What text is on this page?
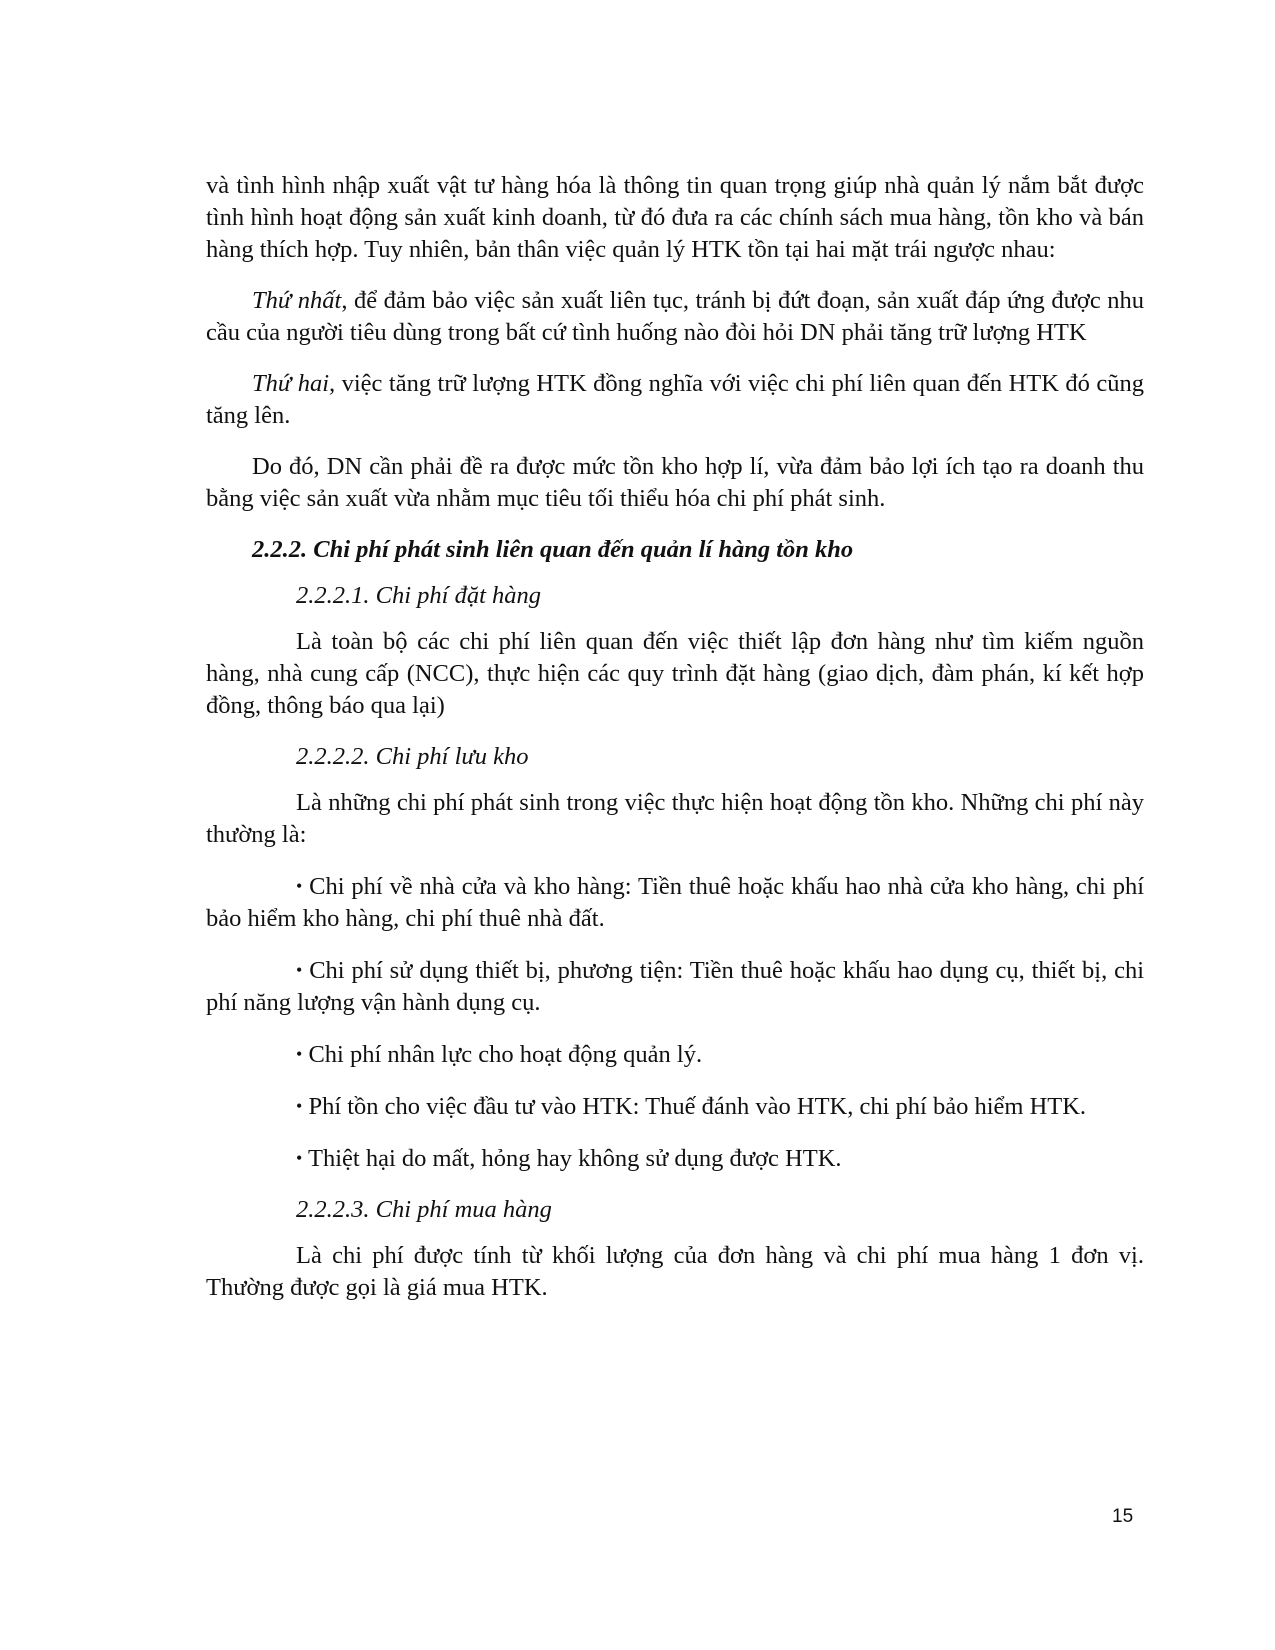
và tình hình nhập xuất vật tư hàng hóa là thông tin quan trọng giúp nhà quản lý nắm bắt được tình hình hoạt động sản xuất kinh doanh, từ đó đưa ra các chính sách mua hàng, tồn kho và bán hàng thích hợp. Tuy nhiên, bản thân việc quản lý HTK tồn tại hai mặt trái ngược nhau:

Thứ nhất, để đảm bảo việc sản xuất liên tục, tránh bị đứt đoạn, sản xuất đáp ứng được nhu cầu của người tiêu dùng trong bất cứ tình huống nào đòi hỏi DN phải tăng trữ lượng HTK

Thứ hai, việc tăng trữ lượng HTK đồng nghĩa với việc chi phí liên quan đến HTK đó cũng tăng lên.

Do đó, DN cần phải đề ra được mức tồn kho hợp lí, vừa đảm bảo lợi ích tạo ra doanh thu bằng việc sản xuất vừa nhằm mục tiêu tối thiểu hóa chi phí phát sinh.

2.2.2. Chi phí phát sinh liên quan đến quản lí hàng tồn kho

2.2.2.1. Chi phí đặt hàng

Là toàn bộ các chi phí liên quan đến việc thiết lập đơn hàng như tìm kiếm nguồn hàng, nhà cung cấp (NCC), thực hiện các quy trình đặt hàng (giao dịch, đàm phán, kí kết hợp đồng, thông báo qua lại)

2.2.2.2. Chi phí lưu kho

Là những chi phí phát sinh trong việc thực hiện hoạt động tồn kho. Những chi phí này thường là:

• Chi phí về nhà cửa và kho hàng: Tiền thuê hoặc khấu hao nhà cửa kho hàng, chi phí bảo hiểm kho hàng, chi phí thuê nhà đất.

• Chi phí sử dụng thiết bị, phương tiện: Tiền thuê hoặc khấu hao dụng cụ, thiết bị, chi phí năng lượng vận hành dụng cụ.

• Chi phí nhân lực cho hoạt động quản lý.

• Phí tồn cho việc đầu tư vào HTK: Thuế đánh vào HTK, chi phí bảo hiểm HTK.

• Thiệt hại do mất, hỏng hay không sử dụng được HTK.

2.2.2.3. Chi phí mua hàng

Là chi phí được tính từ khối lượng của đơn hàng và chi phí mua hàng 1 đơn vị. Thường được gọi là giá mua HTK.

15
